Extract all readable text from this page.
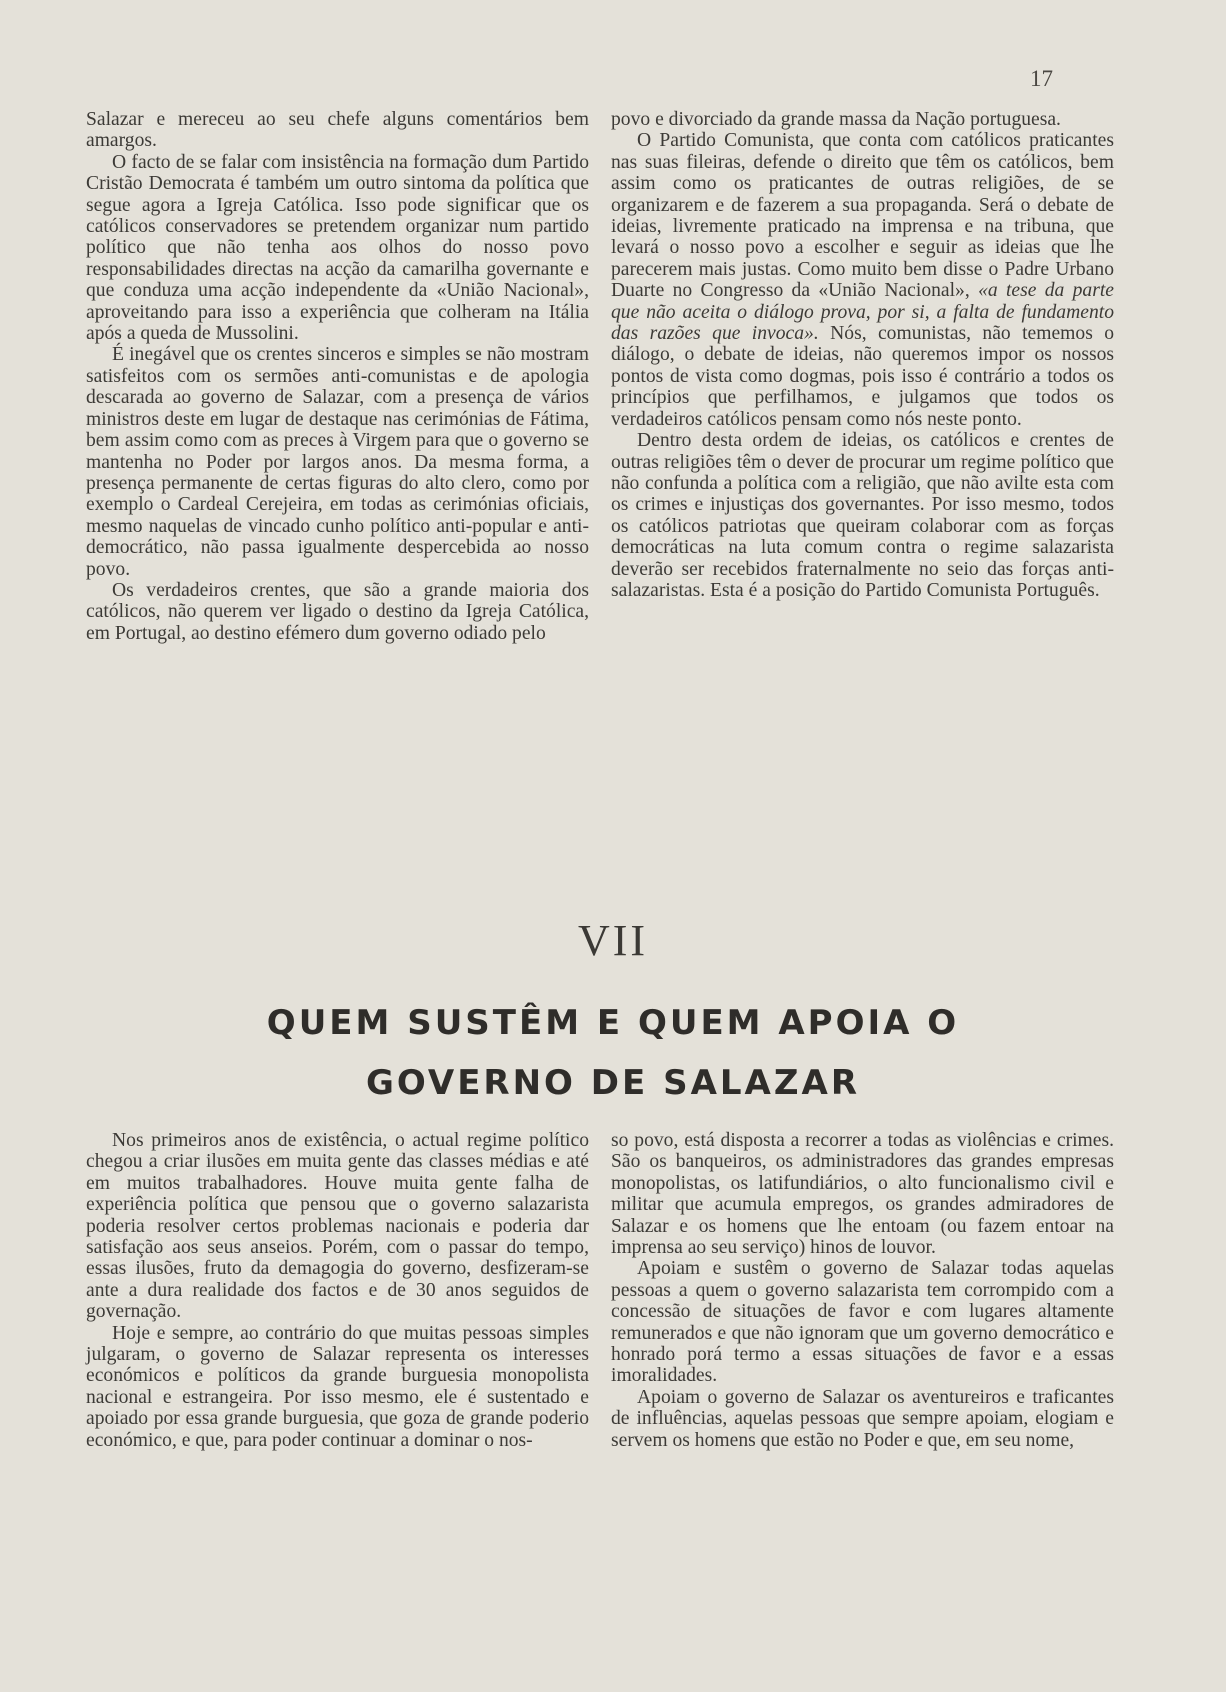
17

Salazar e mereceu ao seu chefe alguns comentários bem amargos.

O facto de se falar com insistência na formação dum Partido Cristão Democrata é também um outro sintoma da política que segue agora a Igreja Católica. Isso pode significar que os católicos conservadores se pretendem organizar num partido político que não tenha aos olhos do nosso povo responsabilidades directas na acção da camarilha governante e que conduza uma acção independente da «União Nacional», aproveitando para isso a experiência que colheram na Itália após a queda de Mussolini.

É inegável que os crentes sinceros e simples se não mostram satisfeitos com os sermões anti-comunistas e de apologia descarada ao governo de Salazar, com a presença de vários ministros deste em lugar de destaque nas cerimónias de Fátima, bem assim como com as preces à Virgem para que o governo se mantenha no Poder por largos anos. Da mesma forma, a presença permanente de certas figuras do alto clero, como por exemplo o Cardeal Cerejeira, em todas as cerimónias oficiais, mesmo naquelas de vincado cunho político anti-popular e anti-democrático, não passa igualmente despercebida ao nosso povo.

Os verdadeiros crentes, que são a grande maioria dos católicos, não querem ver ligado o destino da Igreja Católica, em Portugal, ao destino efémero dum governo odiado pelo

povo e divorciado da grande massa da Nação portuguesa.

O Partido Comunista, que conta com católicos praticantes nas suas fileiras, defende o direito que têm os católicos, bem assim como os praticantes de outras religiões, de se organizarem e de fazerem a sua propaganda. Será o debate de ideias, livremente praticado na imprensa e na tribuna, que levará o nosso povo a escolher e seguir as ideias que lhe parecerem mais justas. Como muito bem disse o Padre Urbano Duarte no Congresso da «União Nacional», «a tese da parte que não aceita o diálogo prova, por si, a falta de fundamento das razões que invoca». Nós, comunistas, não tememos o diálogo, o debate de ideias, não queremos impor os nossos pontos de vista como dogmas, pois isso é contrário a todos os princípios que perfilhamos, e julgamos que todos os verdadeiros católicos pensam como nós neste ponto.

Dentro desta ordem de ideias, os católicos e crentes de outras religiões têm o dever de procurar um regime político que não confunda a política com a religião, que não avilte esta com os crimes e injustiças dos governantes. Por isso mesmo, todos os católicos patriotas que queiram colaborar com as forças democráticas na luta comum contra o regime salazarista deverão ser recebidos fraternalmente no seio das forças anti-salazaristas. Esta é a posição do Partido Comunista Português.

VII
QUEM SUSTÊM E QUEM APOIA O
GOVERNO DE SALAZAR

Nos primeiros anos de existência, o actual regime político chegou a criar ilusões em muita gente das classes médias e até em muitos trabalhadores. Houve muita gente falha de experiência política que pensou que o governo salazarista poderia resolver certos problemas nacionais e poderia dar satisfação aos seus anseios. Porém, com o passar do tempo, essas ilusões, fruto da demagogia do governo, desfizeram-se ante a dura realidade dos factos e de 30 anos seguidos de governação.

Hoje e sempre, ao contrário do que muitas pessoas simples julgaram, o governo de Salazar representa os interesses económicos e políticos da grande burguesia monopolista nacional e estrangeira. Por isso mesmo, ele é sustentado e apoiado por essa grande burguesia, que goza de grande poderio económico, e que, para poder continuar a dominar o nos-

so povo, está disposta a recorrer a todas as violências e crimes. São os banqueiros, os administradores das grandes empresas monopolistas, os latifundiários, o alto funcionalismo civil e militar que acumula empregos, os grandes admiradores de Salazar e os homens que lhe entoam (ou fazem entoar na imprensa ao seu serviço) hinos de louvor.

Apoiam e sustêm o governo de Salazar todas aquelas pessoas a quem o governo salazarista tem corrompido com a concessão de situações de favor e com lugares altamente remunerados e que não ignoram que um governo democrático e honrado porá termo a essas situações de favor e a essas imoralidades.

Apoiam o governo de Salazar os aventureiros e traficantes de influências, aquelas pessoas que sempre apoiam, elogiam e servem os homens que estão no Poder e que, em seu nome,
